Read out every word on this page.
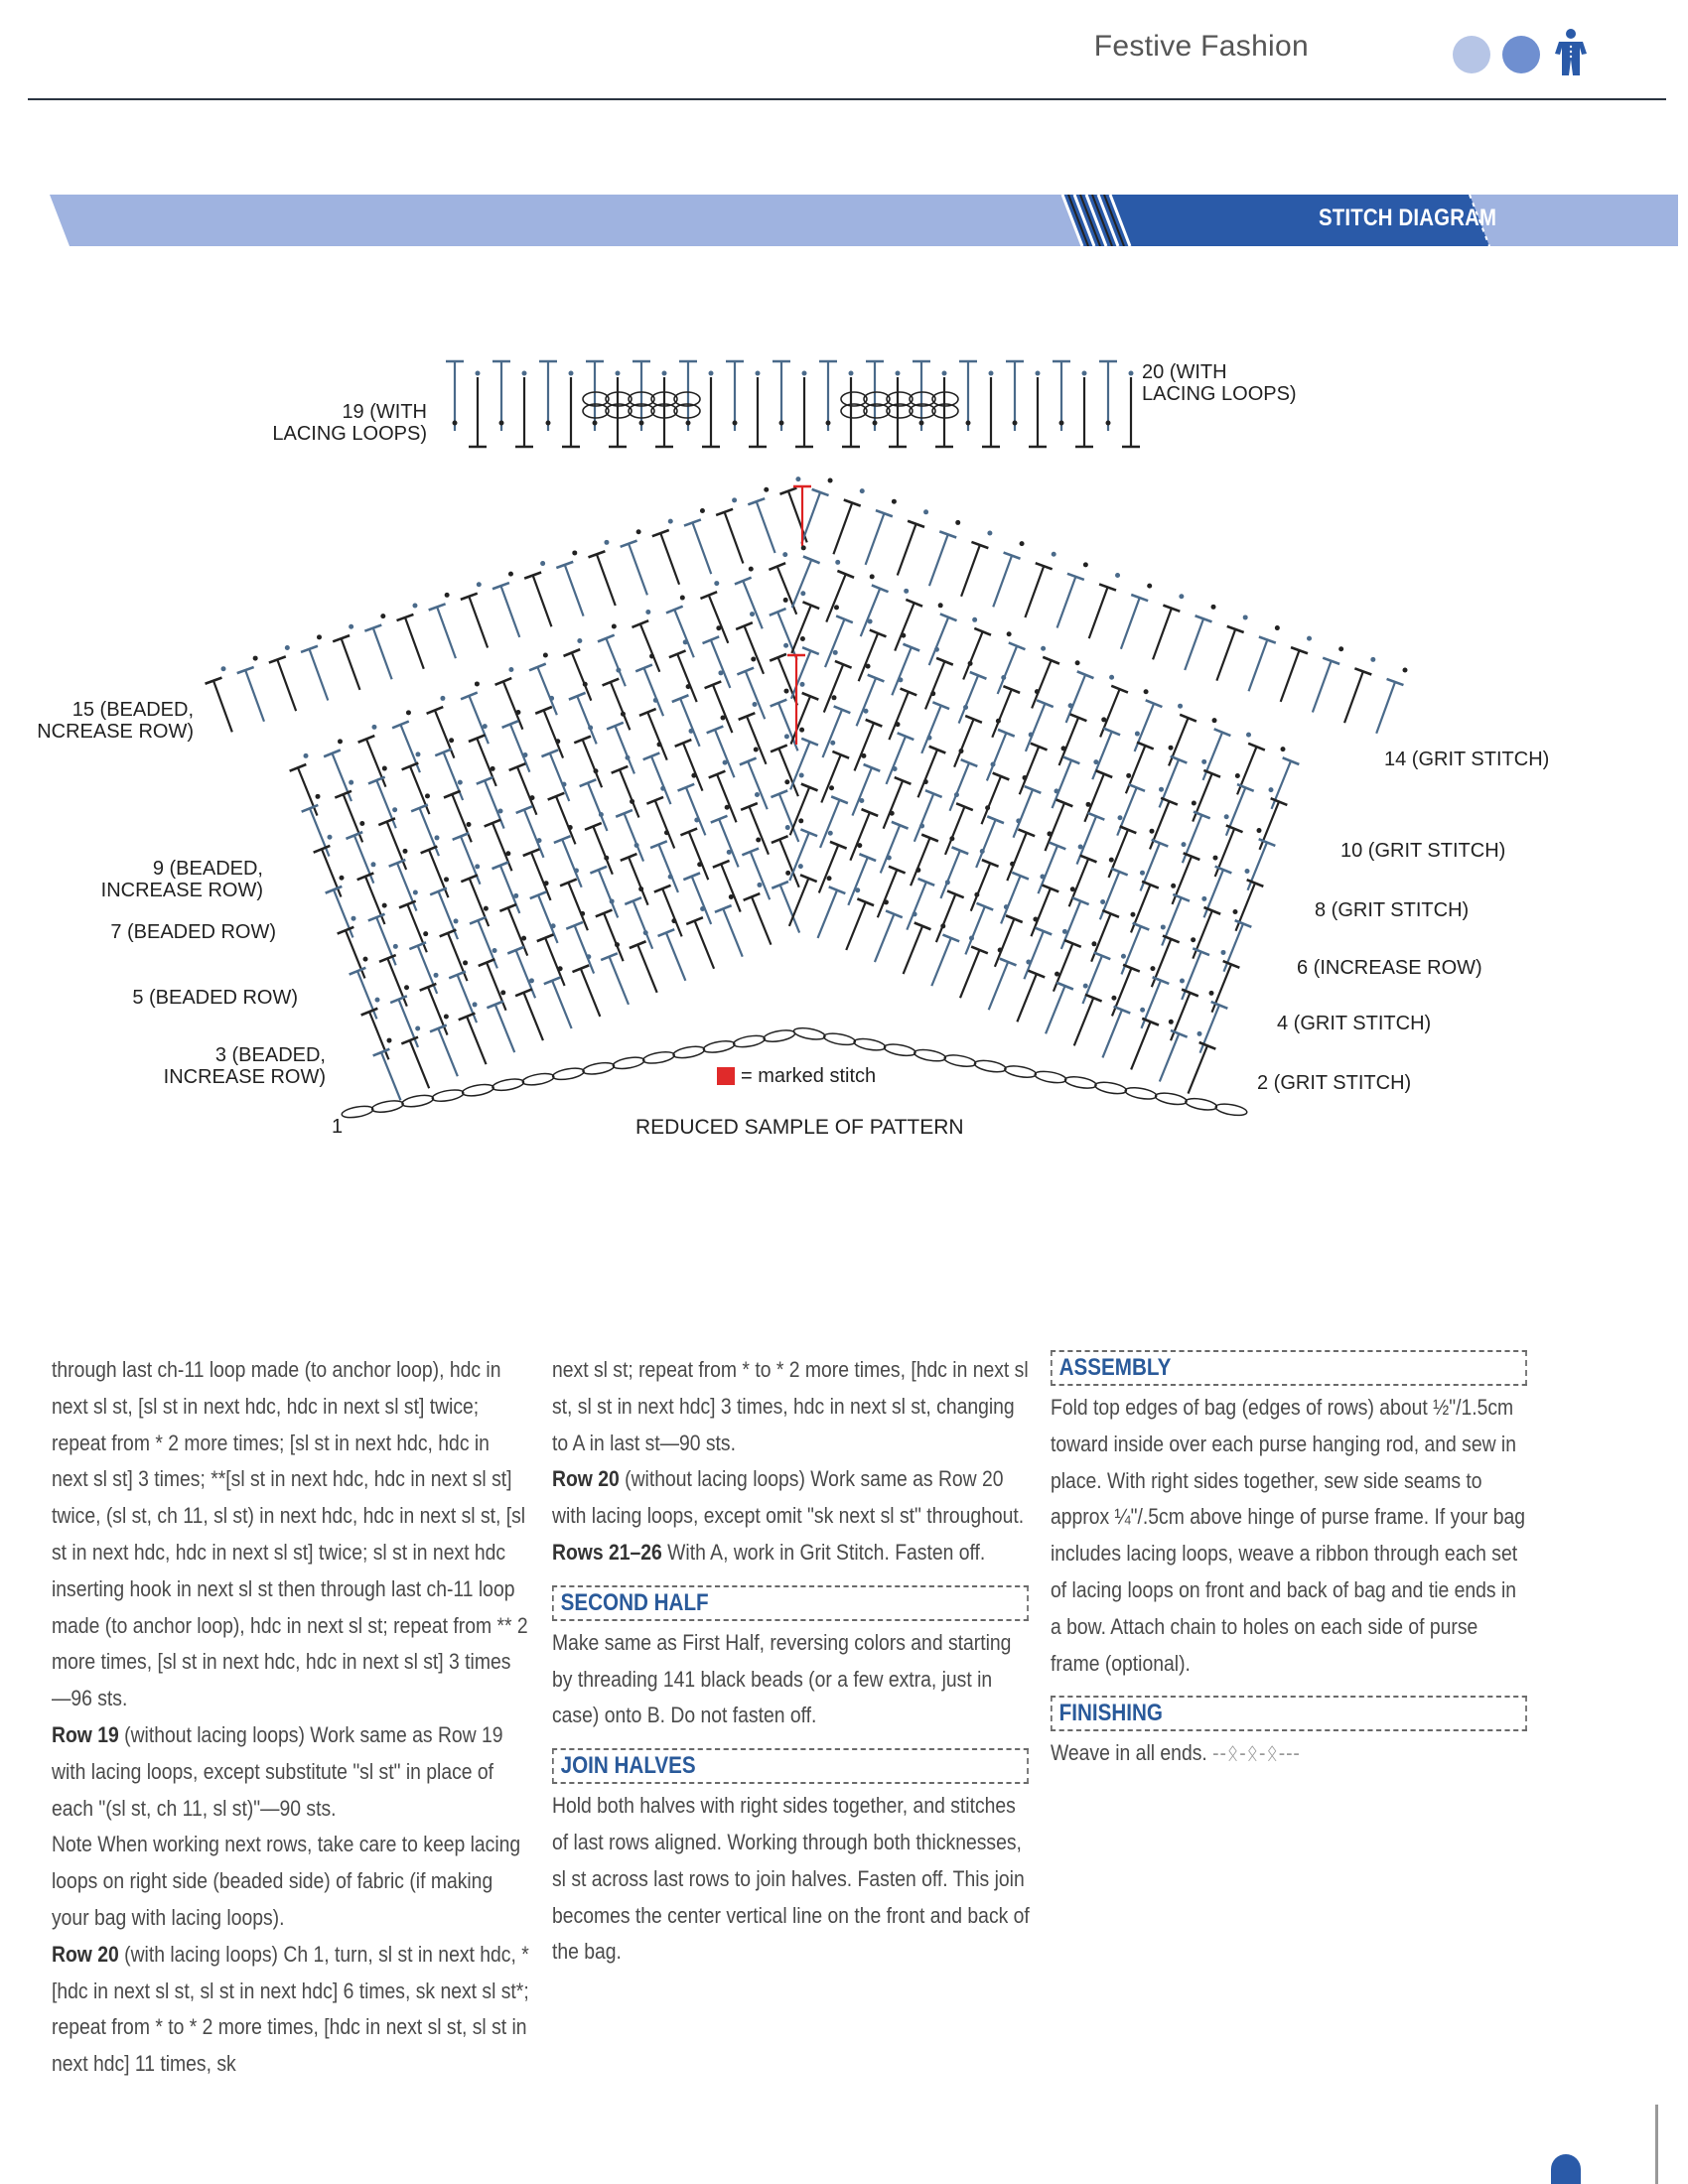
Festive Fashion
STITCH DIAGRAM
19 (WITH
LACING LOOPS)
20 (WITH
LACING LOOPS)
15 (BEADED,
NCREASE ROW)
14 (GRIT STITCH)
9 (BEADED,
INCREASE ROW)
10 (GRIT STITCH)
7 (BEADED ROW)
8 (GRIT STITCH)
5 (BEADED ROW)
6 (INCREASE ROW)
3 (BEADED,
INCREASE ROW)
4 (GRIT STITCH)
1
2 (GRIT STITCH)
= marked stitch
REDUCED SAMPLE OF PATTERN

through last ch-11 loop made (to anchor loop), hdc in next sl st, [sl st in next hdc, hdc in next sl st] twice; repeat from * 2 more times; [sl st in next hdc, hdc in next sl st] 3 times; **[sl st in next hdc, hdc in next sl st] twice, (sl st, ch 11, sl st) in next hdc, hdc in next sl st, [sl st in next hdc, hdc in next sl st] twice; sl st in next hdc inserting hook in next sl st then through last ch-11 loop made (to anchor loop), hdc in next sl st; repeat from ** 2 more times, [sl st in next hdc, hdc in next sl st] 3 times—96 sts.

Row 19 (without lacing loops) Work same as Row 19 with lacing loops, except substitute "sl st" in place of each "(sl st, ch 11, sl st)"—90 sts.

Note When working next rows, take care to keep lacing loops on right side (beaded side) of fabric (if making your bag with lacing loops).

Row 20 (with lacing loops) Ch 1, turn, sl st in next hdc, *[hdc in next sl st, sl st in next hdc] 6 times, sk next sl st*; repeat from * to * 2 more times, [hdc in next sl st, sl st in next hdc] 11 times, sk

next sl st; repeat from * to * 2 more times, [hdc in next sl st, sl st in next hdc] 3 times, hdc in next sl st, changing to A in last st—90 sts.

Row 20 (without lacing loops) Work same as Row 20 with lacing loops, except omit "sk next sl st" throughout.

Rows 21–26 With A, work in Grit Stitch. Fasten off.

SECOND HALF

Make same as First Half, reversing colors and starting by threading 141 black beads (or a few extra, just in case) onto B. Do not fasten off.

JOIN HALVES

Hold both halves with right sides together, and stitches of last rows aligned. Working through both thicknesses, sl st across last rows to join halves. Fasten off. This join becomes the center vertical line on the front and back of the bag.

ASSEMBLY

Fold top edges of bag (edges of rows) about ½"/1.5cm toward inside over each purse hanging rod, and sew in place. With right sides together, sew side seams to approx ¼"/.5cm above hinge of purse frame. If your bag includes lacing loops, weave a ribbon through each set of lacing loops on front and back of bag and tie ends in a bow. Attach chain to holes on each side of purse frame (optional).

FINISHING

Weave in all ends. --ᛟ-ᛟ-ᛟ---
